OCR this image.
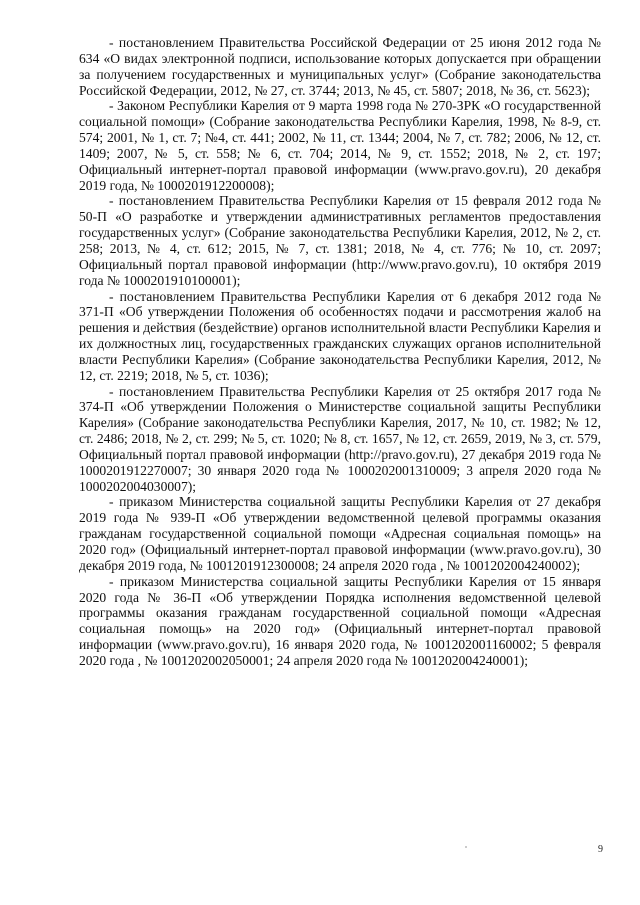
- постановлением Правительства Российской Федерации от 25 июня 2012 года № 634 «О видах электронной подписи, использование которых допускается при обращении за получением государственных и муниципальных услуг» (Собрание законодательства Российской Федерации, 2012, № 27, ст. 3744; 2013, № 45, ст. 5807; 2018, № 36, ст. 5623);

- Законом Республики Карелия от 9 марта 1998 года № 270-ЗРК «О государственной социальной помощи» (Собрание законодательства Республики Карелия, 1998, № 8-9, ст. 574; 2001, № 1, ст. 7; №4, ст. 441; 2002, № 11, ст. 1344; 2004, № 7, ст. 782; 2006, № 12, ст. 1409; 2007, № 5, ст. 558; № 6, ст. 704; 2014, № 9, ст. 1552; 2018, № 2, ст. 197; Официальный интернет-портал правовой информации (www.pravo.gov.ru), 20 декабря 2019 года, № 1000201912200008);

- постановлением Правительства Республики Карелия от 15 февраля 2012 года № 50-П «О разработке и утверждении административных регламентов предоставления государственных услуг» (Собрание законодательства Республики Карелия, 2012, № 2, ст. 258; 2013, № 4, ст. 612; 2015, № 7, ст. 1381; 2018, № 4, ст. 776; № 10, ст. 2097; Официальный портал правовой информации (http://www.pravo.gov.ru), 10 октября 2019 года № 1000201910100001);

- постановлением Правительства Республики Карелия от 6 декабря 2012 года № 371-П «Об утверждении Положения об особенностях подачи и рассмотрения жалоб на решения и действия (бездействие) органов исполнительной власти Республики Карелия и их должностных лиц, государственных гражданских служащих органов исполнительной власти Республики Карелия» (Собрание законодательства Республики Карелия, 2012, № 12, ст. 2219; 2018, № 5, ст. 1036);

- постановлением Правительства Республики Карелия от 25 октября 2017 года № 374-П «Об утверждении Положения о Министерстве социальной защиты Республики Карелия» (Собрание законодательства Республики Карелия, 2017, № 10, ст. 1982; № 12, ст. 2486; 2018, № 2, ст. 299; № 5, ст. 1020; № 8, ст. 1657, № 12, ст. 2659, 2019, № 3, ст. 579, Официальный портал правовой информации (http://pravo.gov.ru), 27 декабря 2019 года № 1000201912270007; 30 января 2020 года № 1000202001310009; 3 апреля 2020 года № 1000202004030007);

- приказом Министерства социальной защиты Республики Карелия от 27 декабря 2019 года № 939-П «Об утверждении ведомственной целевой программы оказания гражданам государственной социальной помощи «Адресная социальная помощь» на 2020 год» (Официальный интернет-портал правовой информации (www.pravo.gov.ru), 30 декабря 2019 года, № 1001201912300008; 24 апреля 2020 года , № 1001202004240002);

- приказом Министерства социальной защиты Республики Карелия от 15 января 2020 года № 36-П «Об утверждении Порядка исполнения ведомственной целевой программы оказания гражданам государственной социальной помощи «Адресная социальная помощь» на 2020 год» (Официальный интернет-портал правовой информации (www.pravo.gov.ru), 16 января 2020 года, № 1001202001160002; 5 февраля 2020 года , № 1001202002050001; 24 апреля 2020 года № 1001202004240001);

9
